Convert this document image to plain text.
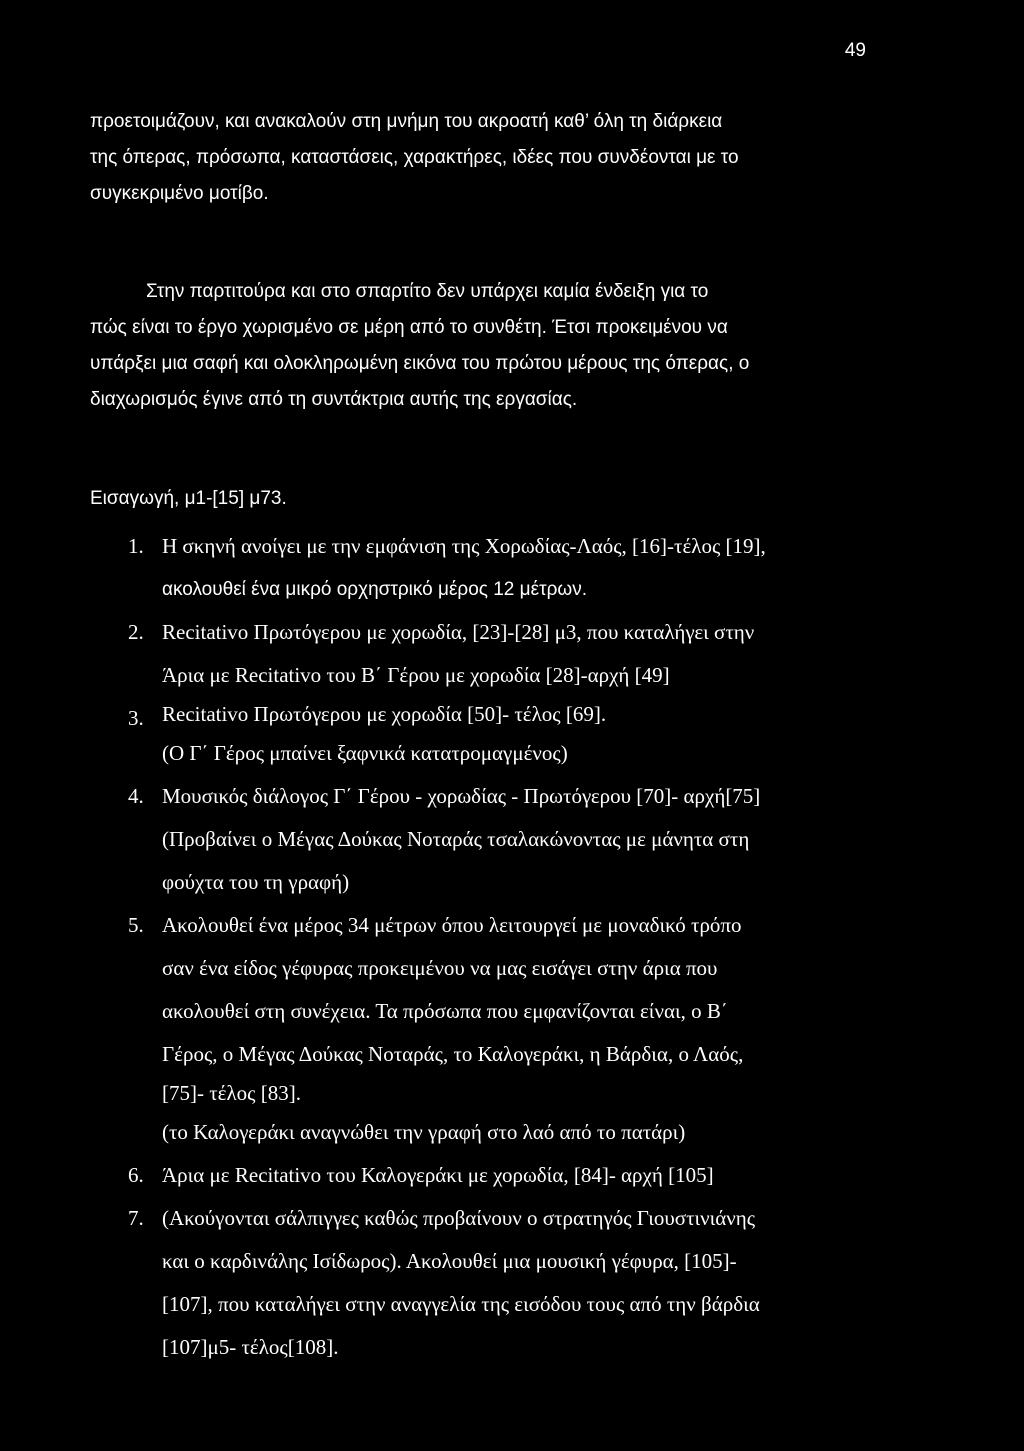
49
προετοιμάζουν, και ανακαλούν στη μνήμη του ακροατή καθ’ όλη τη διάρκεια
της όπερας, πρόσωπα, καταστάσεις, χαρακτήρες, ιδέες που συνδέονται με το
συγκεκριμένο μοτίβο.
Στην παρτιτούρα και στο σπαρτίτο δεν υπάρχει καμία ένδειξη για το
πώς είναι το έργο χωρισμένο σε μέρη από το συνθέτη. Έτσι προκειμένου να
υπάρξει μια σαφή και ολοκληρωμένη εικόνα του πρώτου μέρους της όπερας, ο
διαχωρισμός έγινε από τη συντάκτρια αυτής της εργασίας.
Εισαγωγή, μ1-[15] μ73.
1. Η σκηνή ανοίγει με την εμφάνιση της Χορωδίας-Λαός, [16]-τέλος [19],
ακολουθεί ένα μικρό ορχηστρικό μέρος 12 μέτρων.
2. Recitativo Πρωτόγερου με χορωδία, [23]-[28] μ3, που καταλήγει στην
Άρια με Recitativo του Β΄ Γέρου με χορωδία [28]-αρχή [49]
3. Recitativo Πρωτόγερου με χορωδία [50]- τέλος [69].
(Ο Γ΄ Γέρος μπαίνει ξαφνικά κατατρομαγμένος)
4. Μουσικός διάλογος Γ΄ Γέρου - χορωδίας - Πρωτόγερου [70]- αρχή[75]
(Προβαίνει ο Μέγας Δούκας Νοταράς τσαλακώνοντας με μάνητα στη
φούχτα του τη γραφή)
5. Ακολουθεί ένα μέρος 34 μέτρων όπου λειτουργεί με μοναδικό τρόπο
σαν ένα είδος γέφυρας προκειμένου να μας εισάγει στην άρια που
ακολουθεί στη συνέχεια. Τα πρόσωπα που εμφανίζονται είναι, ο Β΄
Γέρος, ο Μέγας Δούκας Νοταράς, το Καλογεράκι, η Βάρδια, ο Λαός,
[75]- τέλος [83].
(το Καλογεράκι αναγνώθει την γραφή στο λαό από το πατάρι)
6. Άρια με Recitativo του Καλογεράκι με χορωδία, [84]- αρχή [105]
7. (Ακούγονται σάλπιγγες καθώς προβαίνουν ο στρατηγός Γιουστινιάνης
και ο καρδινάλης Ισίδωρος). Ακολουθεί μια μουσική γέφυρα, [105]-
[107], που καταλήγει στην αναγγελία της εισόδου τους από την βάρδια
[107]μ5- τέλος[108].
